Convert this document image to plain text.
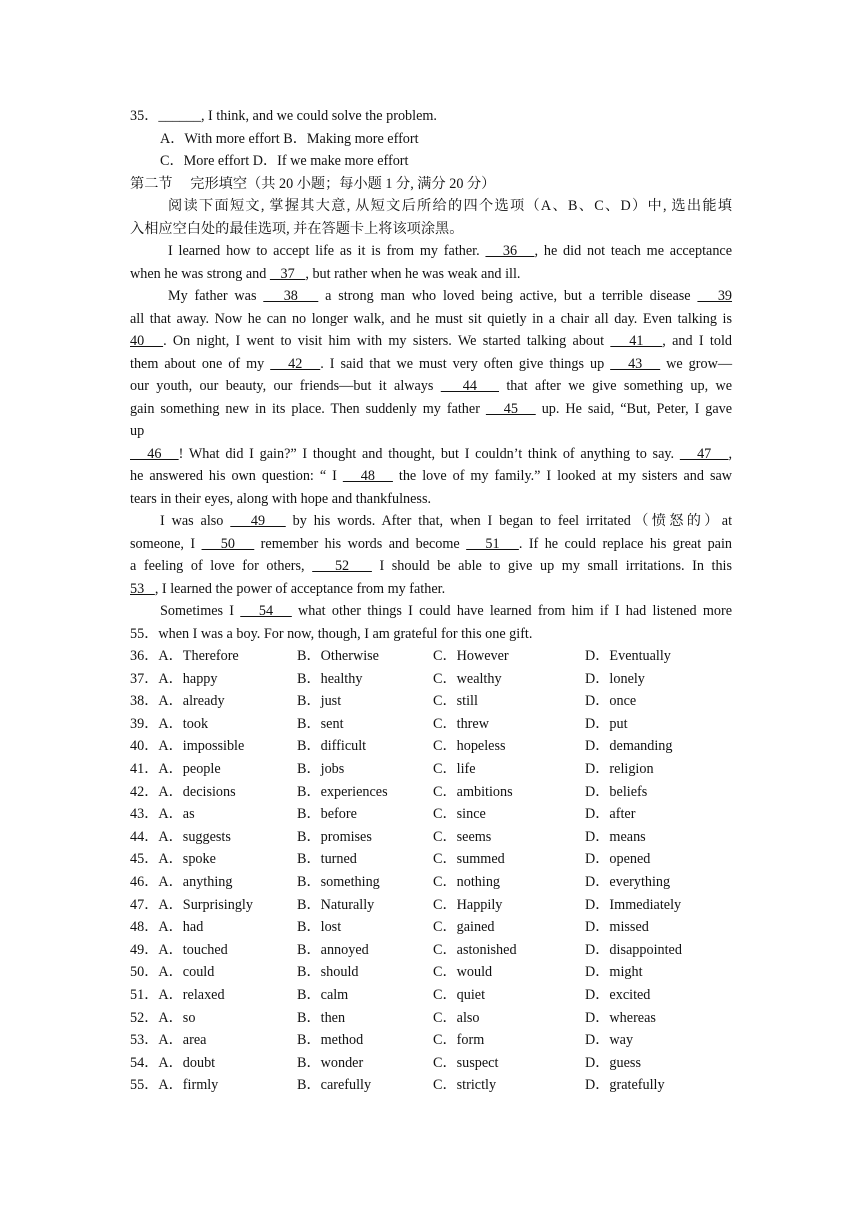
35．______, I think, and we could solve the problem.
A．With more effort B．Making more effort
C．More effort D．If we make more effort
第二节　 完形填空（共 20 小题；每小题 1 分, 满分 20 分）
阅读下面短文, 掌握其大意, 从短文后所给的四个选项（A、B、C、D）中, 选出能填
入相应空白处的最佳选项, 并在答题卡上将该项涂黑。
I learned how to accept life as it is from my father.    36   , he did not teach me acceptance
when he was strong and    37   , but rather when he was weak and ill.
My father was    38    a strong man who loved being active, but a terrible disease    39
all that away. Now he can no longer walk, and he must sit quietly in a chair all day. Even talking is
40   . On night, I went to visit him with my sisters. We started talking about    41   , and I told
them about one of my    42   . I said that we must very often give things up    43    we grow—
our youth, our beauty, our friends—but it always    44    that after we give something up, we
gain something new in its place. Then suddenly my father    45    up. He said, “But, Peter, I gave
up
46   ! What did I gain?” I thought and thought, but I couldn’t think of anything to say.    47   ,
he answered his own question: “ I    48    the love of my family.” I looked at my sisters and saw
tears in their eyes, along with hope and thankfulness.
I was also    49    by his words. After that, when I began to feel irritated（愤怒的）at
someone, I    50    remember his words and become    51   . If he could replace his great pain
a feeling of love for others,    52    I should be able to give up my small irritations. In this
53   , I learned the power of acceptance from my father.
Sometimes I    54    what other things I could have learned from him if I had listened more
55．when I was a boy. For now, though, I am grateful for this one gift.
36．A．Therefore	B．Otherwise	C．However	D．Eventually
37．A．happy	B．healthy	C．wealthy	D．lonely
38．A．already	B．just	C．still	D．once
39．A．took	B．sent	C．threw	D．put
40．A．impossible	B．difficult	C．hopeless	D．demanding
41．A．people	B．jobs	C．life	D．religion
42．A．decisions	B．experiences	C．ambitions	D．beliefs
43．A．as	B．before	C．since	D．after
44．A．suggests	B．promises	C．seems	D．means
45．A．spoke	B．turned	C．summed	D．opened
46．A．anything	B．something	C．nothing	D．everything
47．A．Surprisingly	B．Naturally	C．Happily	D．Immediately
48．A．had	B．lost	C．gained	D．missed
49．A．touched	B．annoyed	C．astonished	D．disappointed
50．A．could	B．should	C．would	D．might
51．A．relaxed	B．calm	C．quiet	D．excited
52．A．so	B．then	C．also	D．whereas
53．A．area	B．method	C．form	D．way
54．A．doubt	B．wonder	C．suspect	D．guess
55．A．firmly	B．carefully	C．strictly	D．gratefully
